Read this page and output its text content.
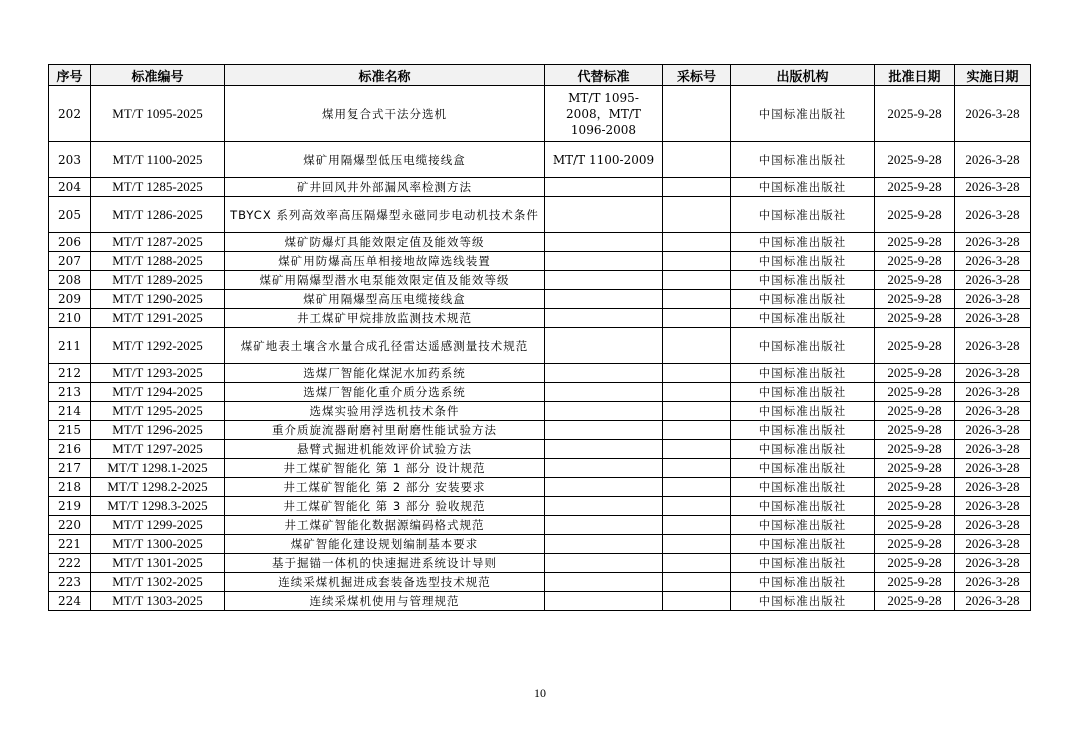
序号	标准编号	标准名称	代替标准	采标号	出版机构	批准日期	实施日期
202	MT/T 1095-2025	煤用复合式干法分选机	MT/T 1095-2008，MT/T 1096-2008		中国标准出版社	2025-9-28	2026-3-28
203	MT/T 1100-2025	煤矿用隔爆型低压电缆接线盒	MT/T 1100-2009		中国标准出版社	2025-9-28	2026-3-28
204	MT/T 1285-2025	矿井回风井外部漏风率检测方法			中国标准出版社	2025-9-28	2026-3-28
205	MT/T 1286-2025	TBYCX 系列高效率高压隔爆型永磁同步电动机技术条件			中国标准出版社	2025-9-28	2026-3-28
206	MT/T 1287-2025	煤矿防爆灯具能效限定值及能效等级			中国标准出版社	2025-9-28	2026-3-28
207	MT/T 1288-2025	煤矿用防爆高压单相接地故障选线装置			中国标准出版社	2025-9-28	2026-3-28
208	MT/T 1289-2025	煤矿用隔爆型潜水电泵能效限定值及能效等级			中国标准出版社	2025-9-28	2026-3-28
209	MT/T 1290-2025	煤矿用隔爆型高压电缆接线盒			中国标准出版社	2025-9-28	2026-3-28
210	MT/T 1291-2025	井工煤矿甲烷排放监测技术规范			中国标准出版社	2025-9-28	2026-3-28
211	MT/T 1292-2025	煤矿地表土壤含水量合成孔径雷达遥感测量技术规范			中国标准出版社	2025-9-28	2026-3-28
212	MT/T 1293-2025	选煤厂智能化煤泥水加药系统			中国标准出版社	2025-9-28	2026-3-28
213	MT/T 1294-2025	选煤厂智能化重介质分选系统			中国标准出版社	2025-9-28	2026-3-28
214	MT/T 1295-2025	选煤实验用浮选机技术条件			中国标准出版社	2025-9-28	2026-3-28
215	MT/T 1296-2025	重介质旋流器耐磨衬里耐磨性能试验方法			中国标准出版社	2025-9-28	2026-3-28
216	MT/T 1297-2025	悬臂式掘进机能效评价试验方法			中国标准出版社	2025-9-28	2026-3-28
217	MT/T 1298.1-2025	井工煤矿智能化 第 1 部分 设计规范			中国标准出版社	2025-9-28	2026-3-28
218	MT/T 1298.2-2025	井工煤矿智能化 第 2 部分 安装要求			中国标准出版社	2025-9-28	2026-3-28
219	MT/T 1298.3-2025	井工煤矿智能化 第 3 部分 验收规范			中国标准出版社	2025-9-28	2026-3-28
220	MT/T 1299-2025	井工煤矿智能化数据源编码格式规范			中国标准出版社	2025-9-28	2026-3-28
221	MT/T 1300-2025	煤矿智能化建设规划编制基本要求			中国标准出版社	2025-9-28	2026-3-28
222	MT/T 1301-2025	基于掘锚一体机的快速掘进系统设计导则			中国标准出版社	2025-9-28	2026-3-28
223	MT/T 1302-2025	连续采煤机掘进成套装备选型技术规范			中国标准出版社	2025-9-28	2026-3-28
224	MT/T 1303-2025	连续采煤机使用与管理规范			中国标准出版社	2025-9-28	2026-3-28
10
